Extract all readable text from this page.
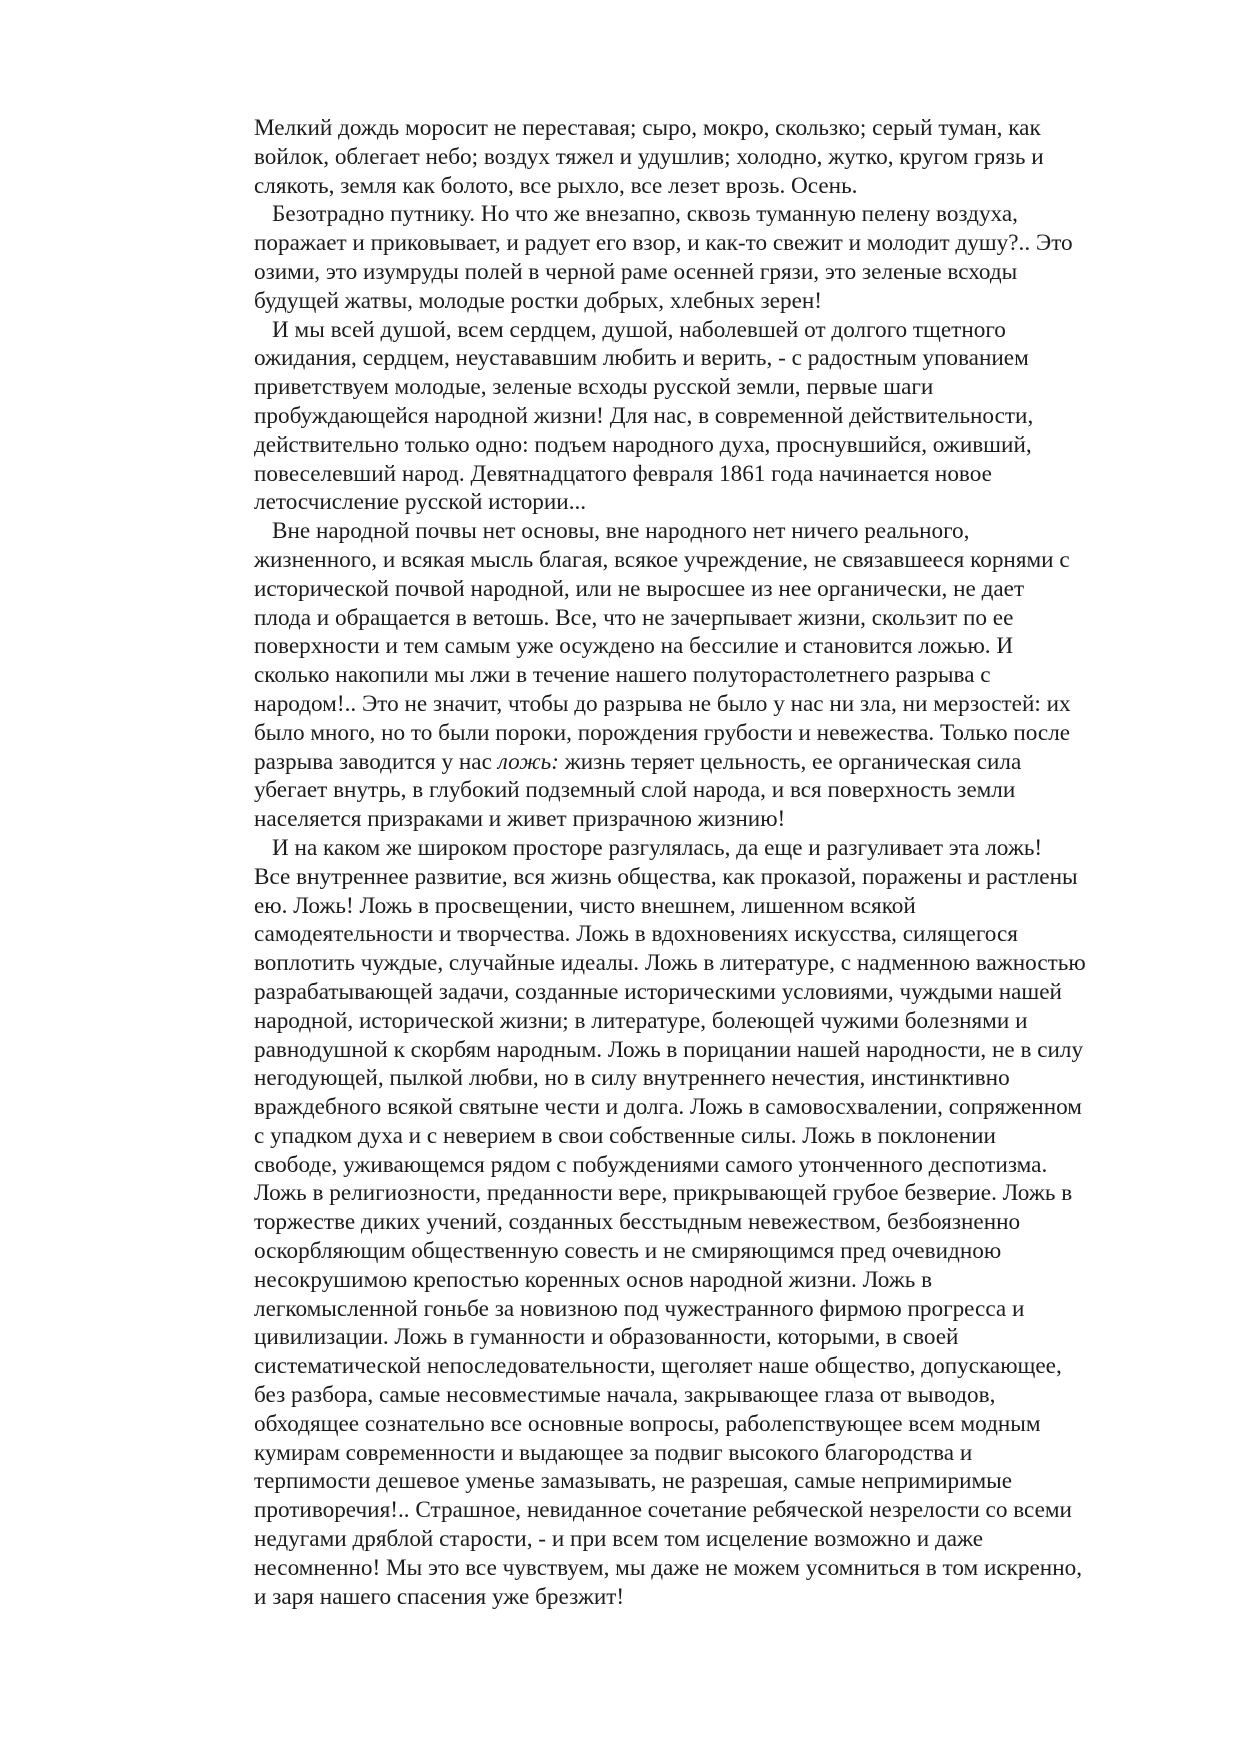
Мелкий дождь моросит не переставая; сыро, мокро, скользко; серый туман, как
войлок, облегает небо; воздух тяжел и удушлив; холодно, жутко, кругом грязь и
слякоть, земля как болото, все рыхло, все лезет врозь. Осень.
Безотрадно путнику. Но что же внезапно, сквозь туманную пелену воздуха,
поражает и приковывает, и радует его взор, и как-то свежит и молодит душу?.. Это
озими, это изумруды полей в черной раме осенней грязи, это зеленые всходы
будущей жатвы, молодые ростки добрых, хлебных зерен!
И мы всей душой, всем сердцем, душой, наболевшей от долгого тщетного
ожидания, сердцем, неустававшим любить и верить, - с радостным упованием
приветствуем молодые, зеленые всходы русской земли, первые шаги
пробуждающейся народной жизни! Для нас, в современной действительности,
действительно только одно: подъем народного духа, проснувшийся, оживший,
повеселевший народ. Девятнадцатого февраля 1861 года начинается новое
летосчисление русской истории...
Вне народной почвы нет основы, вне народного нет ничего реального,
жизненного, и всякая мысль благая, всякое учреждение, не связавшееся корнями с
исторической почвой народной, или не выросшее из нее органически, не дает
плода и обращается в ветошь. Все, что не зачерпывает жизни, скользит по ее
поверхности и тем самым уже осуждено на бессилие и становится ложью. И
сколько накопили мы лжи в течение нашего полуторастолетнего разрыва с
народом!.. Это не значит, чтобы до разрыва не было у нас ни зла, ни мерзостей: их
было много, но то были пороки, порождения грубости и невежества. Только после
разрыва заводится у нас ложь: жизнь теряет цельность, ее органическая сила
убегает внутрь, в глубокий подземный слой народа, и вся поверхность земли
населяется призраками и живет призрачною жизнию!
И на каком же широком просторе разгулялась, да еще и разгуливает эта ложь!
Все внутреннее развитие, вся жизнь общества, как проказой, поражены и растлены
ею. Ложь! Ложь в просвещении, чисто внешнем, лишенном всякой
самодеятельности и творчества. Ложь в вдохновениях искусства, силящегося
воплотить чуждые, случайные идеалы. Ложь в литературе, с надменною важностью
разрабатывающей задачи, созданные историческими условиями, чуждыми нашей
народной, исторической жизни; в литературе, болеющей чужими болезнями и
равнодушной к скорбям народным. Ложь в порицании нашей народности, не в силу
негодующей, пылкой любви, но в силу внутреннего нечестия, инстинктивно
враждебного всякой святыне чести и долга. Ложь в самовосхвалении, сопряженном
с упадком духа и с неверием в свои собственные силы. Ложь в поклонении
свободе, уживающемся рядом с побуждениями самого утонченного деспотизма.
Ложь в религиозности, преданности вере, прикрывающей грубое безверие. Ложь в
торжестве диких учений, созданных бесстыдным невежеством, безбоязненно
оскорбляющим общественную совесть и не смиряющимся пред очевидною
несокрушимою крепостью коренных основ народной жизни. Ложь в
легкомысленной гоньбе за новизною под чужестранного фирмою прогресса и
цивилизации. Ложь в гуманности и образованности, которыми, в своей
систематической непоследовательности, щеголяет наше общество, допускающее,
без разбора, самые несовместимые начала, закрывающее глаза от выводов,
обходящее сознательно все основные вопросы, раболепствующее всем модным
кумирам современности и выдающее за подвиг высокого благородства и
терпимости дешевое уменье замазывать, не разрешая, самые непримиримые
противоречия!.. Страшное, невиданное сочетание ребяческой незрелости со всеми
недугами дряблой старости, - и при всем том исцеление возможно и даже
несомненно! Мы это все чувствуем, мы даже не можем усомниться в том искренно,
и заря нашего спасения уже брезжит!
